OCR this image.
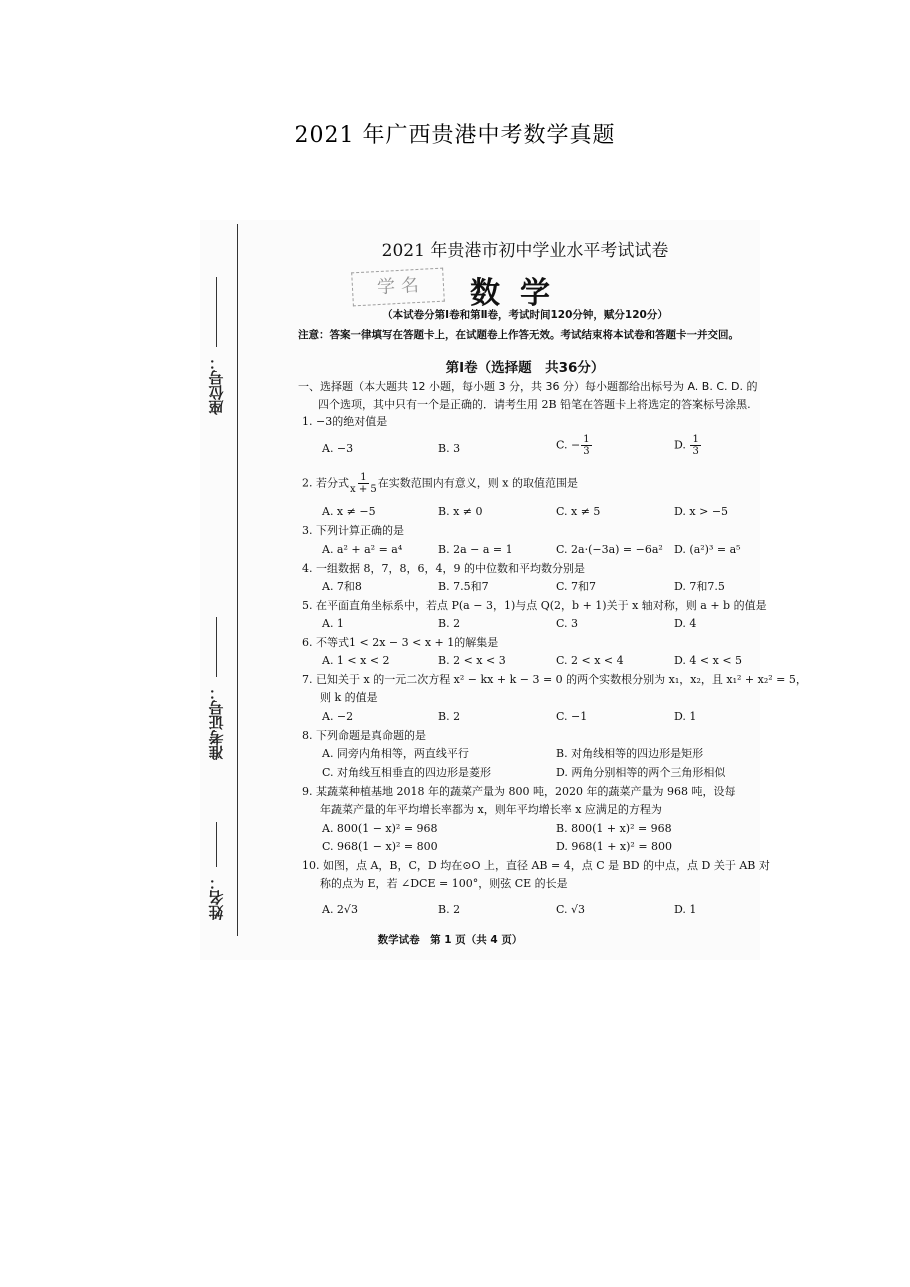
2021 年广西贵港中考数学真题
座位号：
准考证号：
姓名：
2021 年贵港市初中学业水平考试试卷
学 名	数学
（本试卷分第Ⅰ卷和第Ⅱ卷，考试时间120分钟，赋分120分）
注意：答案一律填写在答题卡上，在试题卷上作答无效。考试结束将本试卷和答题卡一并交回。
第Ⅰ卷（选择题　共36分）
一、选择题（本大题共 12 小题，每小题 3 分，共 36 分）每小题都给出标号为 A. B. C. D. 的
四个选项，其中只有一个是正确的．请考生用 2B 铅笔在答题卡上将选定的答案标号涂黑.
1. −3的绝对值是
A. −3	B. 3	C. − $\frac{1}{3}$	D. $\frac{1}{3}$
2. 若分式 $\frac{1}{x + 5}$ 在实数范围内有意义，则 x 的取值范围是
A. x ≠ −5	B. x ≠ 0	C. x ≠ 5	D. x > −5
3. 下列计算正确的是
A. a² + a² = a⁴	B. 2a − a = 1	C. 2a·(−3a) = −6a² D. (a²)³ = a⁵
4. 一组数据 8，7，8，6，4，9 的中位数和平均数分别是
A. 7和8	B. 7.5和7	C. 7和7	D. 7和7.5
5. 在平面直角坐标系中，若点 P(a − 3，1)与点 Q(2，b + 1)关于 x 轴对称，则 a + b 的值是
A. 1	B. 2	C. 3	D. 4
6. 不等式1 < 2x − 3 < x + 1的解集是
A. 1 < x < 2	B. 2 < x < 3	C. 2 < x < 4	D. 4 < x < 5
7. 已知关于 x 的一元二次方程 x² − kx + k − 3 = 0 的两个实数根分别为 x₁，x₂，且 x₁² + x₂² = 5，
则 k 的值是
A. −2	B. 2	C. −1	D. 1
8. 下列命题是真命题的是
A. 同旁内角相等，两直线平行	B. 对角线相等的四边形是矩形
C. 对角线互相垂直的四边形是菱形	D. 两角分别相等的两个三角形相似
9. 某蔬菜种植基地 2018 年的蔬菜产量为 800 吨，2020 年的蔬菜产量为 968 吨，设每
年蔬菜产量的年平均增长率都为 x，则年平均增长率 x 应满足的方程为
A. 800(1 − x)² = 968	B. 800(1 + x)² = 968
C. 968(1 − x)² = 800	D. 968(1 + x)² = 800
10. 如图，点 A，B，C，D 均在⊙O 上，直径 AB = 4，点 C 是 BD 的中点，点 D 关于 AB 对
称的点为 E，若 ∠DCE = 100°，则弦 CE 的长是
A. 2√3	B. 2	C. √3	D. 1
数学试卷　第 1 页（共 4 页）
